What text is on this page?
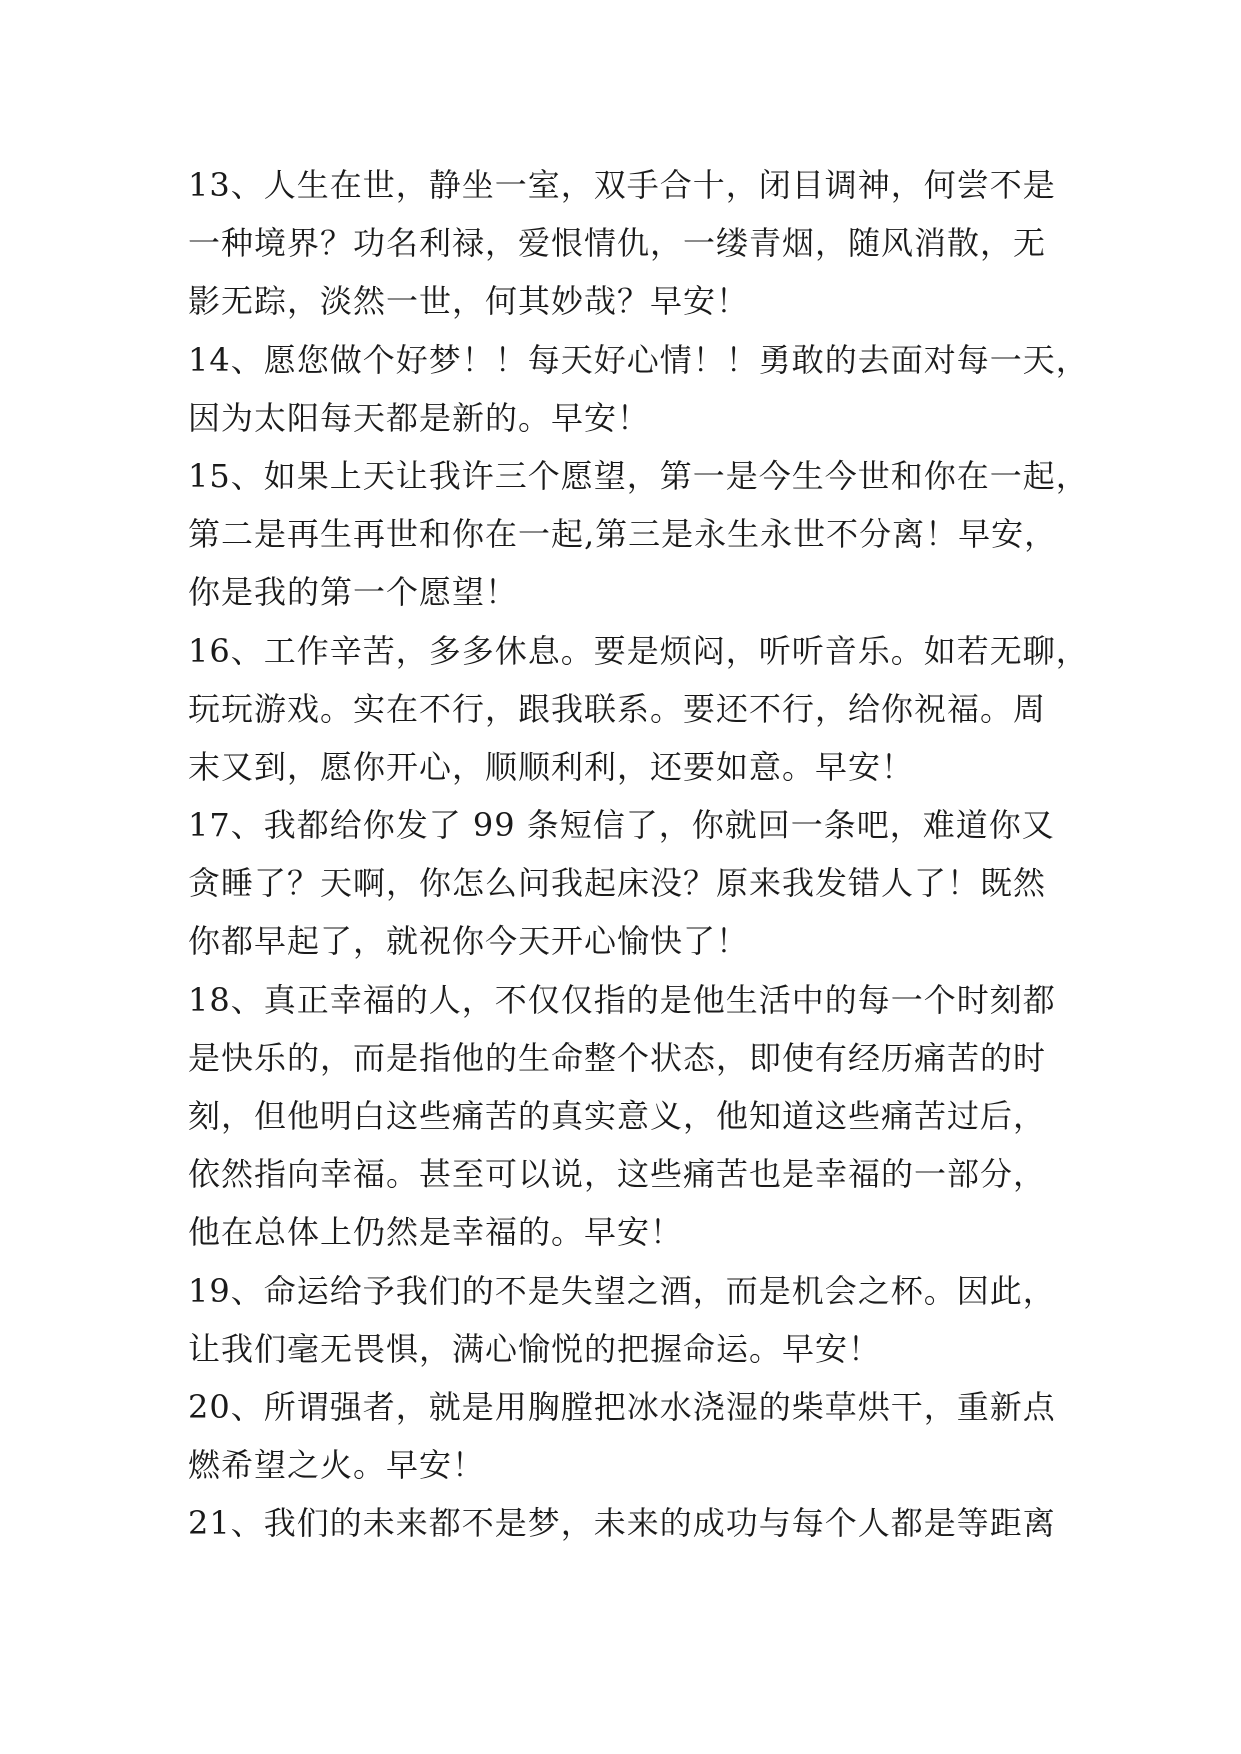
13、人生在世，静坐一室，双手合十，闭目调神，何尝不是
一种境界？功名利禄，爱恨情仇，一缕青烟，随风消散，无
影无踪，淡然一世，何其妙哉？早安！
14、愿您做个好梦！！每天好心情！！勇敢的去面对每一天，
因为太阳每天都是新的。早安！
15、如果上天让我许三个愿望，第一是今生今世和你在一起，
第二是再生再世和你在一起,第三是永生永世不分离！早安，
你是我的第一个愿望！
16、工作辛苦，多多休息。要是烦闷，听听音乐。如若无聊，
玩玩游戏。实在不行，跟我联系。要还不行，给你祝福。周
末又到，愿你开心，顺顺利利，还要如意。早安！
17、我都给你发了 99 条短信了，你就回一条吧，难道你又
贪睡了？天啊，你怎么问我起床没？原来我发错人了！既然
你都早起了，就祝你今天开心愉快了！
18、真正幸福的人，不仅仅指的是他生活中的每一个时刻都
是快乐的，而是指他的生命整个状态，即使有经历痛苦的时
刻，但他明白这些痛苦的真实意义，他知道这些痛苦过后，
依然指向幸福。甚至可以说，这些痛苦也是幸福的一部分，
他在总体上仍然是幸福的。早安！
19、命运给予我们的不是失望之酒，而是机会之杯。因此，
让我们毫无畏惧，满心愉悦的把握命运。早安！
20、所谓强者，就是用胸膛把冰水浇湿的柴草烘干，重新点
燃希望之火。早安！
21、我们的未来都不是梦，未来的成功与每个人都是等距离
